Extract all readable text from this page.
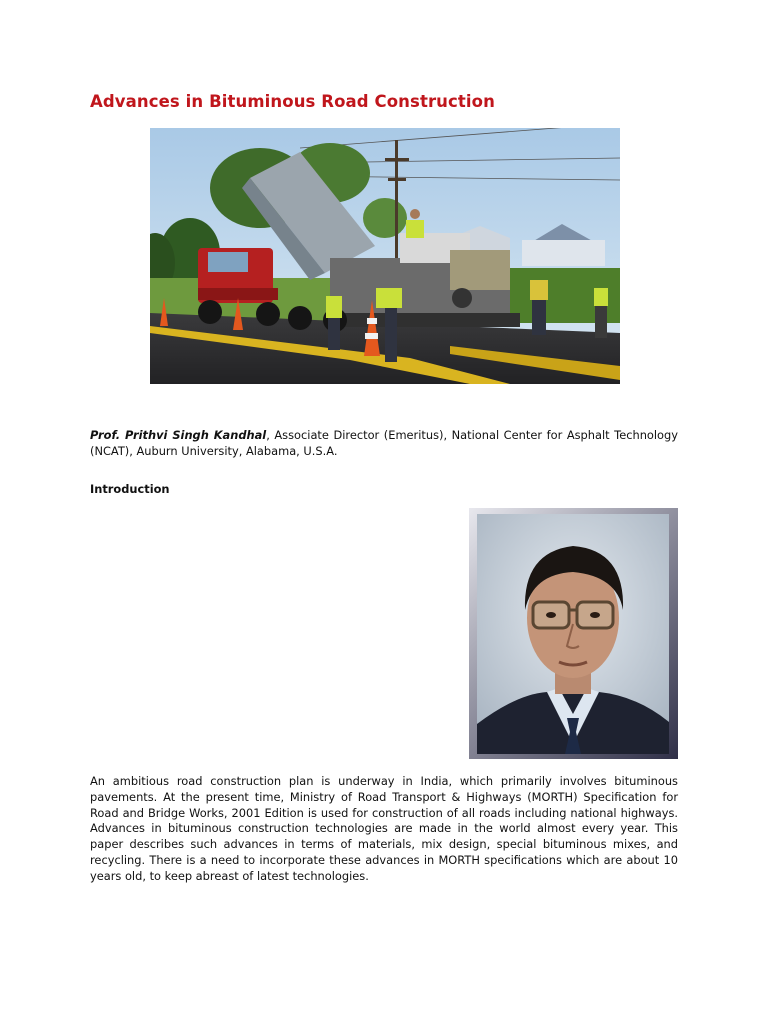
Advances in Bituminous Road Construction

Prof. Prithvi Singh Kandhal, Associate Director (Emeritus), National Center for Asphalt Technology (NCAT), Auburn University, Alabama, U.S.A.

Introduction

An ambitious road construction plan is underway in India, which primarily involves bituminous pavements. At the present time, Ministry of Road Transport & Highways (MORTH) Specification for Road and Bridge Works, 2001 Edition is used for construction of all roads including national highways. Advances in bituminous construction technologies are made in the world almost every year. This paper describes such advances in terms of materials, mix design, special bituminous mixes, and recycling. There is a need to incorporate these advances in MORTH specifications which are about 10 years old, to keep abreast of latest technologies.
